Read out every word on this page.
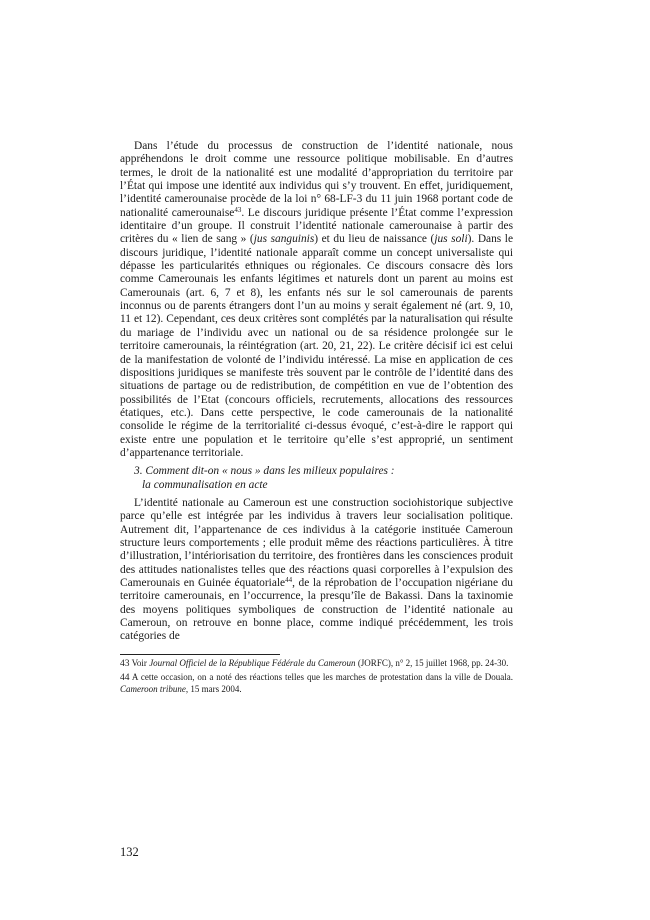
Dans l’étude du processus de construction de l’identité nationale, nous appréhendons le droit comme une ressource politique mobilisable. En d’autres termes, le droit de la nationalité est une modalité d’appropriation du territoire par l’État qui impose une identité aux individus qui s’y trouvent. En effet, juridiquement, l’identité camerounaise procède de la loi n° 68-LF-3 du 11 juin 1968 portant code de nationalité camerounaise$^{43}$. Le discours juridique présente l’État comme l’expression identitaire d’un groupe. Il construit l’identité nationale camerounaise à partir des critères du « lien de sang » (jus sanguinis) et du lieu de naissance (jus soli). Dans le discours juridique, l’identité nationale apparaît comme un concept universaliste qui dépasse les particularités ethniques ou régionales. Ce discours consacre dès lors comme Camerounais les enfants légitimes et naturels dont un parent au moins est Camerounais (art. 6, 7 et 8), les enfants nés sur le sol camerounais de parents inconnus ou de parents étrangers dont l’un au moins y serait également né (art. 9, 10, 11 et 12). Cependant, ces deux critères sont complétés par la naturalisation qui résulte du mariage de l’individu avec un national ou de sa résidence prolongée sur le territoire camerounais, la réintégration (art. 20, 21, 22). Le critère décisif ici est celui de la manifestation de volonté de l’individu intéressé. La mise en application de ces dispositions juridiques se manifeste très souvent par le contrôle de l’identité dans des situations de partage ou de redistribution, de compétition en vue de l’obtention des possibilités de l’Etat (concours officiels, recrutements, allocations des ressources étatiques, etc.). Dans cette perspective, le code camerounais de la nationalité consolide le régime de la territorialité ci-dessus évoqué, c’est-à-dire le rapport qui existe entre une population et le territoire qu’elle s’est approprié, un sentiment d’appartenance territoriale.

3. Comment dit-on « nous » dans les milieux populaires :
la communalisation en acte

L’identité nationale au Cameroun est une construction sociohistorique subjective parce qu’elle est intégrée par les individus à travers leur socialisation politique. Autrement dit, l’appartenance de ces individus à la catégorie instituée Cameroun structure leurs comportements ; elle produit même des réactions particulières. À titre d’illustration, l’intériorisation du territoire, des frontières dans les consciences produit des attitudes nationalistes telles que des réactions quasi corporelles à l’expulsion des Camerounais en Guinée équatoriale$^{44}$, de la réprobation de l’occupation nigériane du territoire camerounais, en l’occurrence, la presqu’île de Bakassi. Dans la taxinomie des moyens politiques symboliques de construction de l’identité nationale au Cameroun, on retrouve en bonne place, comme indiqué précédemment, les trois catégories de

43 Voir Journal Officiel de la République Fédérale du Cameroun (JORFC), n° 2, 15 juillet 1968, pp. 24-30.
44 A cette occasion, on a noté des réactions telles que les marches de protestation dans la ville de Douala. Cameroon tribune, 15 mars 2004.
132
